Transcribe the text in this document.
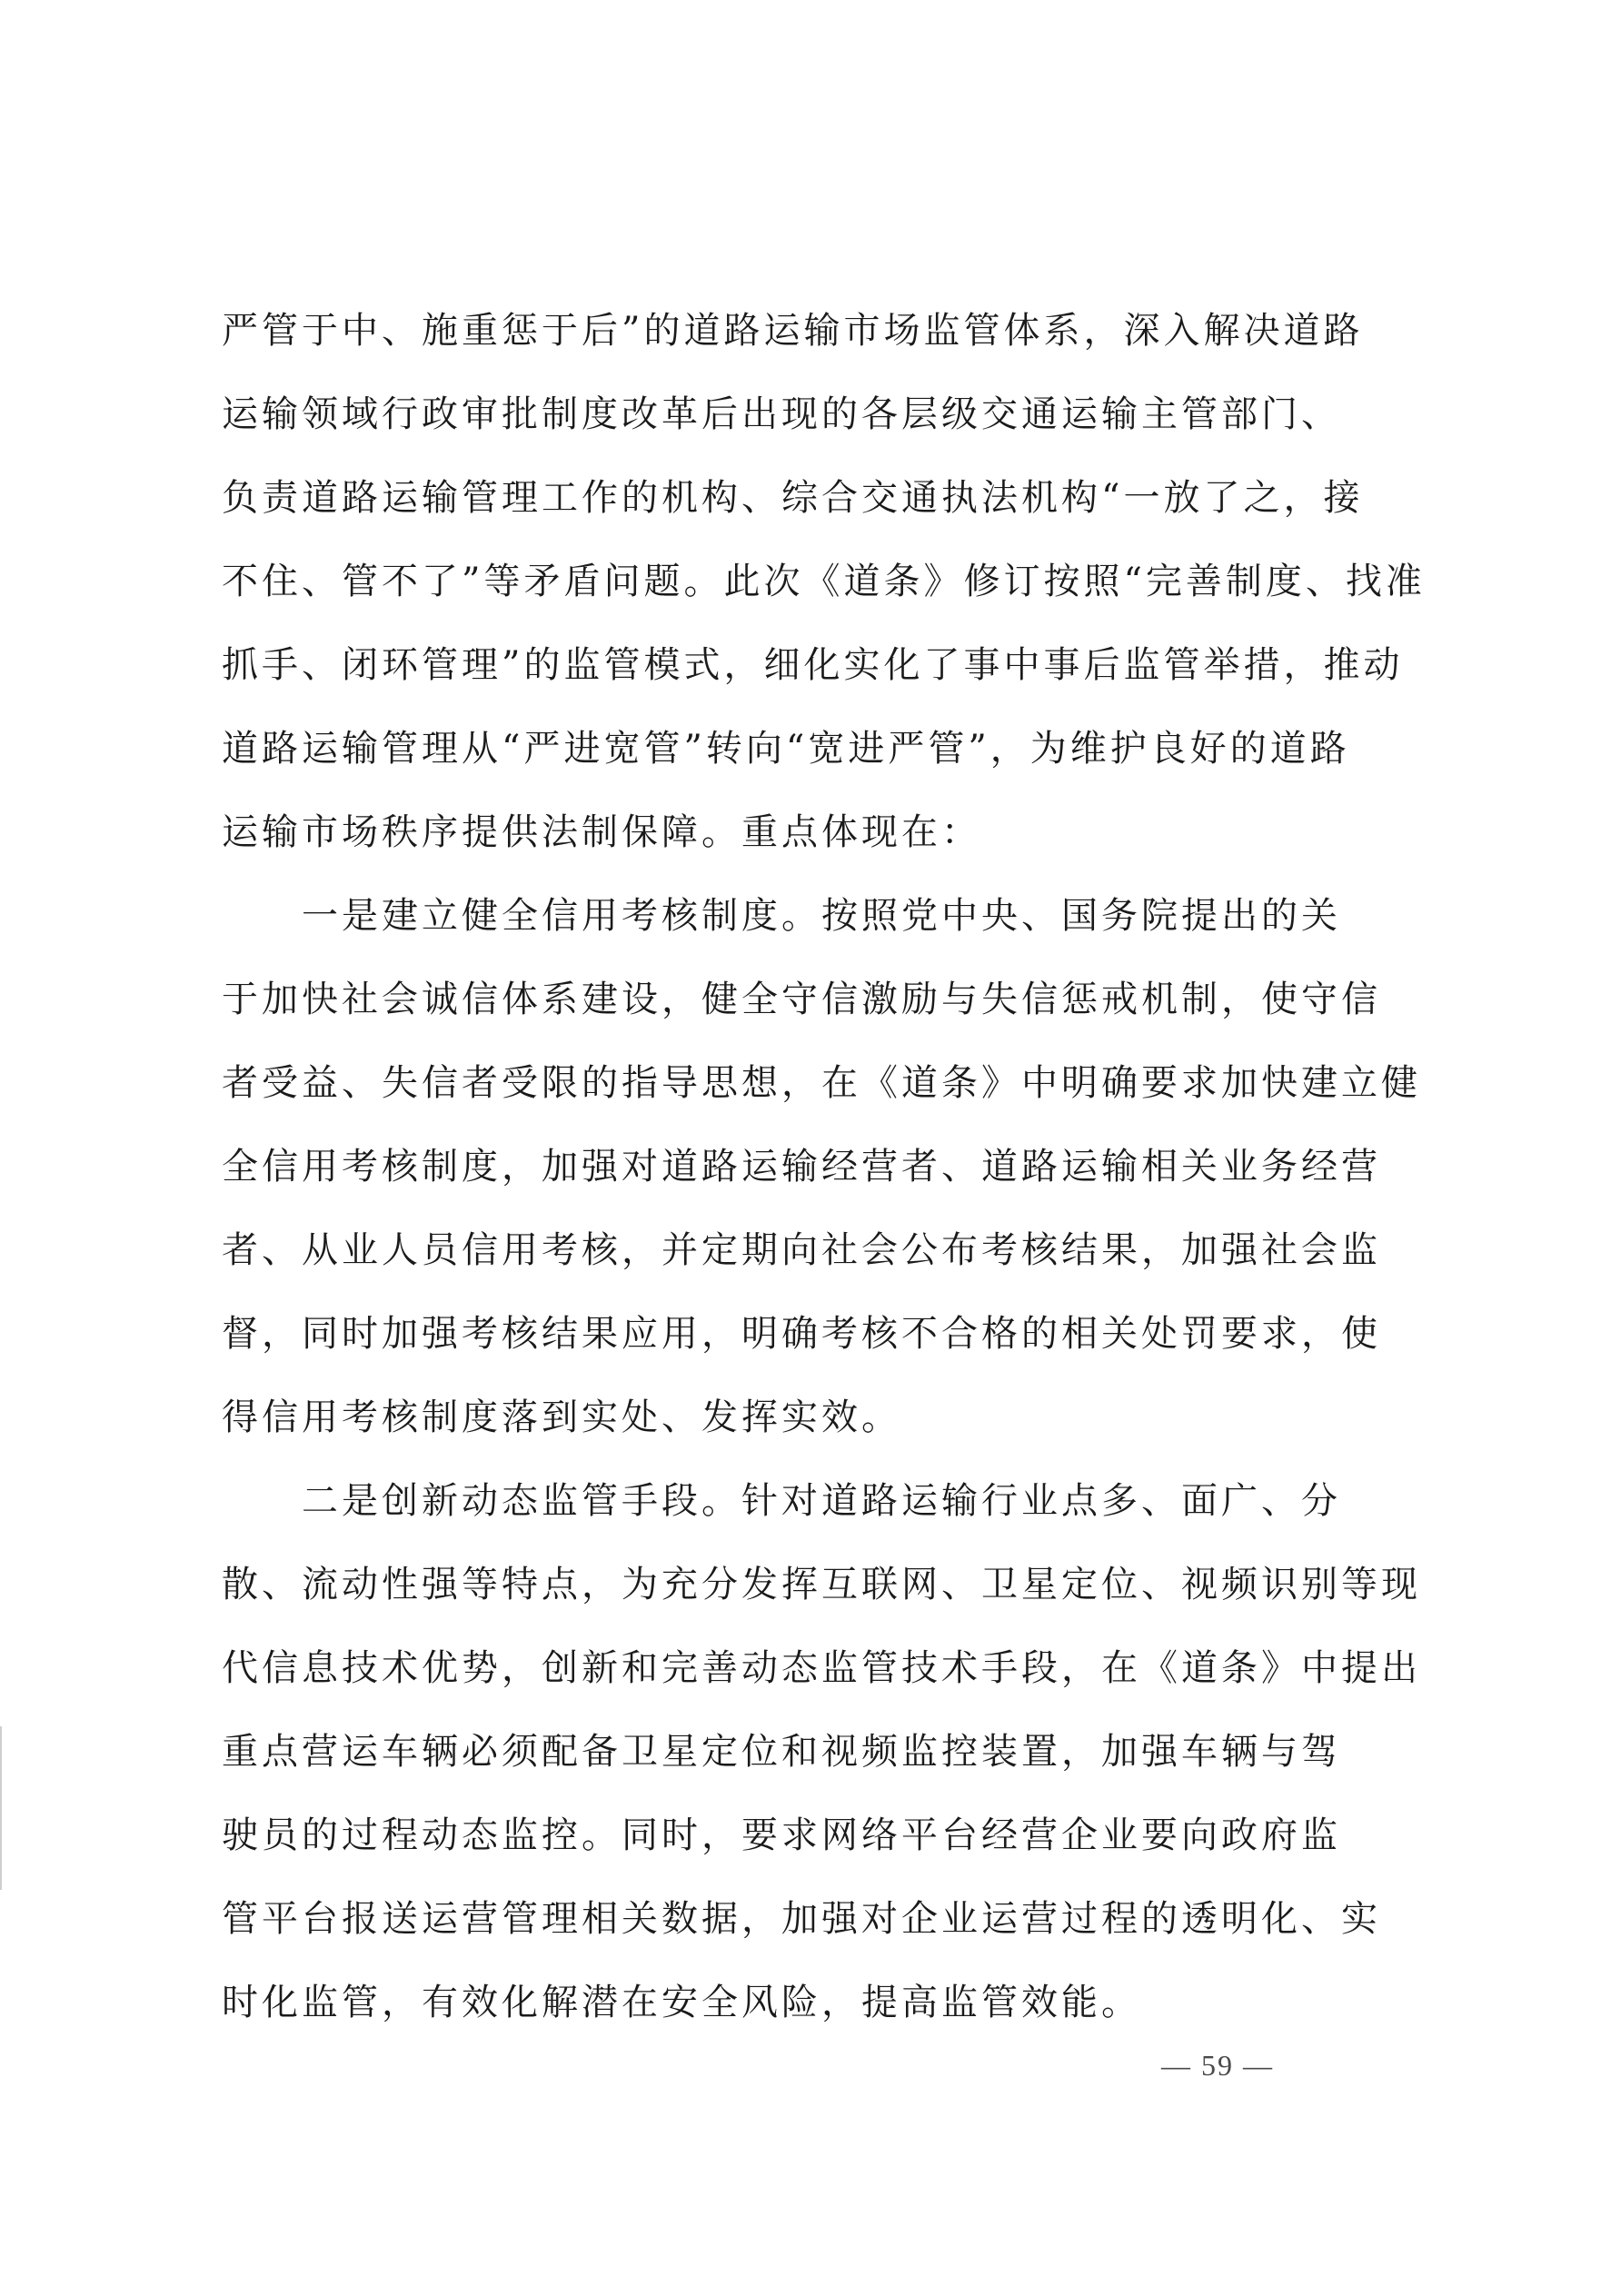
严管于中、施重惩于后”的道路运输市场监管体系，深入解决道路
运输领域行政审批制度改革后出现的各层级交通运输主管部门、
负责道路运输管理工作的机构、综合交通执法机构“一放了之，接
不住、管不了”等矛盾问题。此次《道条》修订按照“完善制度、找准
抓手、闭环管理”的监管模式，细化实化了事中事后监管举措，推动
道路运输管理从“严进宽管”转向“宽进严管”，为维护良好的道路
运输市场秩序提供法制保障。重点体现在：
一是建立健全信用考核制度。按照党中央、国务院提出的关
于加快社会诚信体系建设，健全守信激励与失信惩戒机制，使守信
者受益、失信者受限的指导思想，在《道条》中明确要求加快建立健
全信用考核制度，加强对道路运输经营者、道路运输相关业务经营
者、从业人员信用考核，并定期向社会公布考核结果，加强社会监
督，同时加强考核结果应用，明确考核不合格的相关处罚要求，使
得信用考核制度落到实处、发挥实效。
二是创新动态监管手段。针对道路运输行业点多、面广、分
散、流动性强等特点，为充分发挥互联网、卫星定位、视频识别等现
代信息技术优势，创新和完善动态监管技术手段，在《道条》中提出
重点营运车辆必须配备卫星定位和视频监控装置，加强车辆与驾
驶员的过程动态监控。同时，要求网络平台经营企业要向政府监
管平台报送运营管理相关数据，加强对企业运营过程的透明化、实
时化监管，有效化解潜在安全风险，提高监管效能。
— 59 —
